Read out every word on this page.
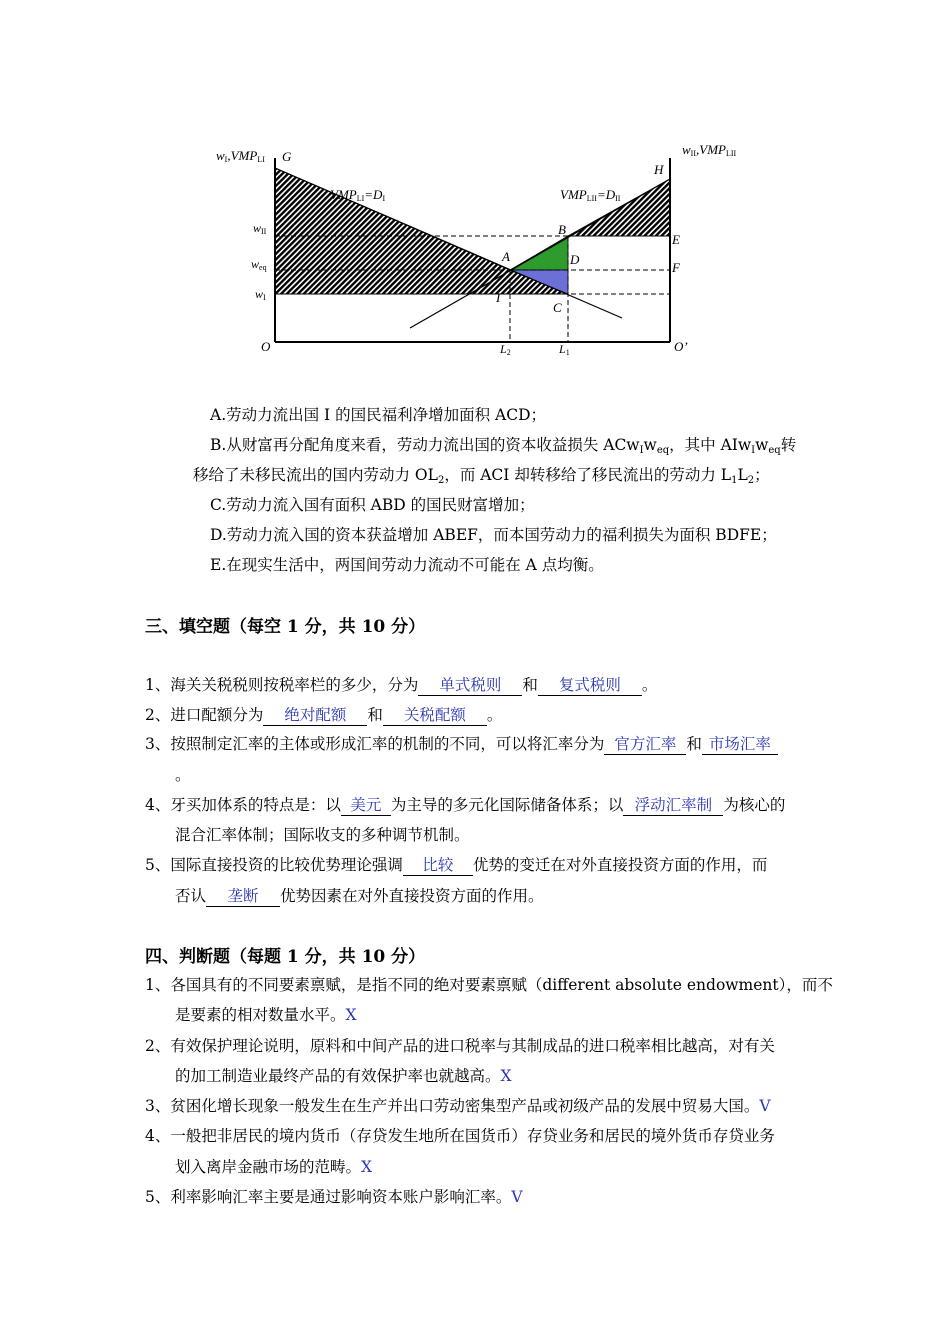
wI,VMPLI G	wII,VMPLII
H
VMPLI=DI	VMPLII=DII
wII
weq
wI
A
B
D
C
I
E
F
O	O’
L2	L1
A.劳动力流出国 I 的国民福利净增加面积 ACD；
B.从财富再分配角度来看，劳动力流出国的资本收益损失 $ACw_Iw_{eq}$，其中 $AIw_Iw_{eq}$转
移给了未移民流出的国内劳动力 $OL_2$，而 ACI 却转移给了移民流出的劳动力 $L_1L_2$；
C.劳动力流入国有面积 ABD 的国民财富增加；
D.劳动力流入国的资本获益增加 ABEF，而本国劳动力的福利损失为面积 BDFE；
E.在现实生活中，两国间劳动力流动不可能在 A 点均衡。
三、填空题（每空 1 分，共 10 分）
1、海关关税税则按税率栏的多少，分为 单式税则 和 复式税则 。
2、进口配额分为 绝对配额 和 关税配额 。
3、按照制定汇率的主体或形成汇率的机制的不同，可以将汇率分为 官方汇率 和 市场汇率
。
4、牙买加体系的特点是：以 美元 为主导的多元化国际储备体系；以 浮动汇率制 为核心的
混合汇率体制；国际收支的多种调节机制。
5、国际直接投资的比较优势理论强调 比较 优势的变迁在对外直接投资方面的作用，而
否认 垄断 优势因素在对外直接投资方面的作用。
四、判断题（每题 1 分，共 10 分）
1、各国具有的不同要素禀赋，是指不同的绝对要素禀赋（different absolute endowment），而不
是要素的相对数量水平。X
2、有效保护理论说明，原料和中间产品的进口税率与其制成品的进口税率相比越高，对有关
的加工制造业最终产品的有效保护率也就越高。X
3、贫困化增长现象一般发生在生产并出口劳动密集型产品或初级产品的发展中贸易大国。V
4、一般把非居民的境内货币（存贷发生地所在国货币）存贷业务和居民的境外货币存贷业务
划入离岸金融市场的范畴。X
5、利率影响汇率主要是通过影响资本账户影响汇率。V
